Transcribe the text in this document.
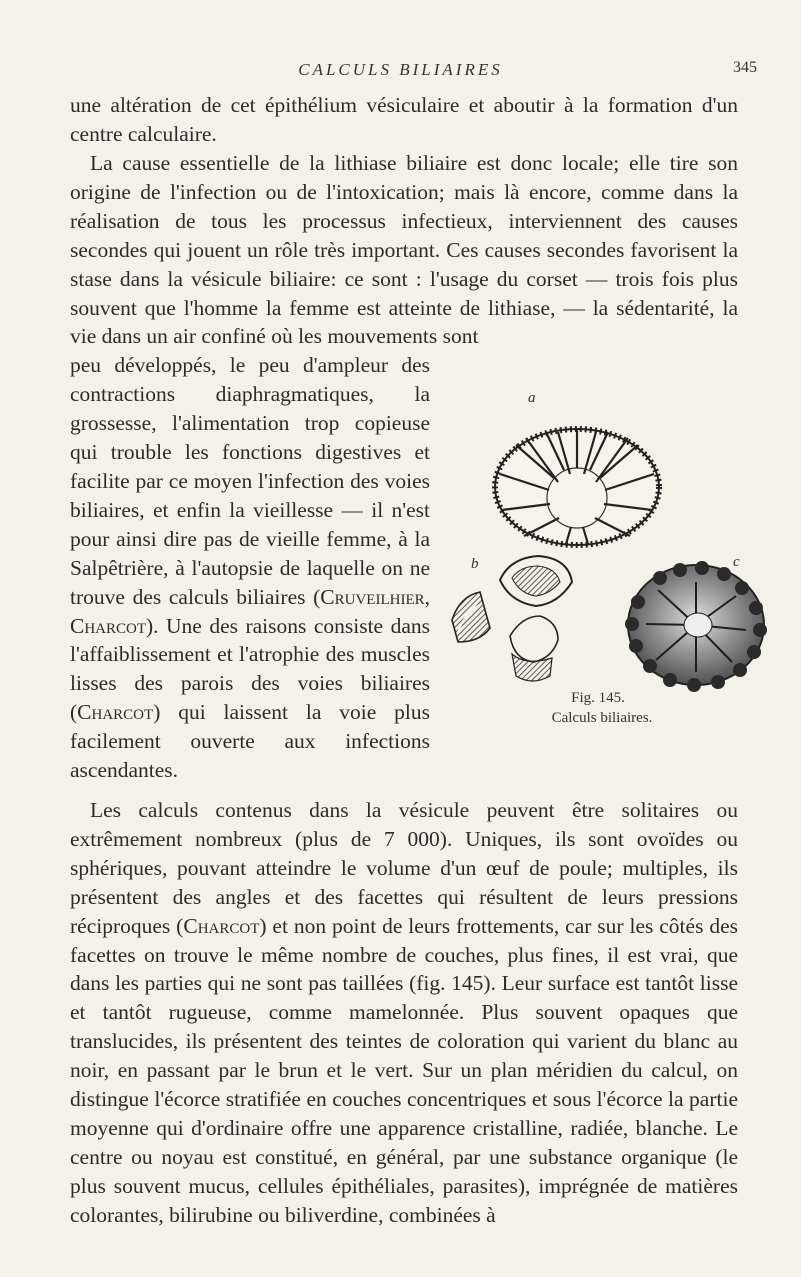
CALCULS BILIAIRES	345

une altération de cet épithélium vésiculaire et aboutir à la formation d'un centre calculaire.

La cause essentielle de la lithiase biliaire est donc locale; elle tire son origine de l'infection ou de l'intoxication; mais là encore, comme dans la réalisation de tous les processus infectieux, interviennent des causes secondes qui jouent un rôle très important. Ces causes secondes favorisent la stase dans la vésicule biliaire: ce sont : l'usage du corset — trois fois plus souvent que l'homme la femme est atteinte de lithiase, — la sédentarité, la vie dans un air confiné où les mouvements sont
peu développés, le peu d'ampleur des contractions diaphragmatiques, la grossesse, l'alimentation trop copieuse qui trouble les fonctions digestives et facilite par ce moyen l'infection des voies biliaires, et enfin la vieillesse — il n'est pour ainsi dire pas de vieille femme, à la Salpêtrière, à l'autopsie de laquelle on ne trouve des calculs biliaires (Cruveilhier, Charcot). Une des raisons consiste dans l'affaiblissement et l'atrophie des muscles lisses des parois des voies biliaires (Charcot) qui laissent la voie plus facilement ouverte aux infections ascendantes.

a
b	c
Fig. 145.
Calculs biliaires.

Les calculs contenus dans la vésicule peuvent être solitaires ou extrêmement nombreux (plus de 7 000). Uniques, ils sont ovoïdes ou sphériques, pouvant atteindre le volume d'un œuf de poule; multiples, ils présentent des angles et des facettes qui résultent de leurs pressions réciproques (Charcot) et non point de leurs frottements, car sur les côtés des facettes on trouve le même nombre de couches, plus fines, il est vrai, que dans les parties qui ne sont pas taillées (fig. 145). Leur surface est tantôt lisse et tantôt rugueuse, comme mamelonnée. Plus souvent opaques que translucides, ils présentent des teintes de coloration qui varient du blanc au noir, en passant par le brun et le vert. Sur un plan méridien du calcul, on distingue l'écorce stratifiée en couches concentriques et sous l'écorce la partie moyenne qui d'ordinaire offre une apparence cristalline, radiée, blanche. Le centre ou noyau est constitué, en général, par une substance organique (le plus souvent mucus, cellules épithéliales, parasites), imprégnée de matières colorantes, bilirubine ou biliverdine, combinées à
